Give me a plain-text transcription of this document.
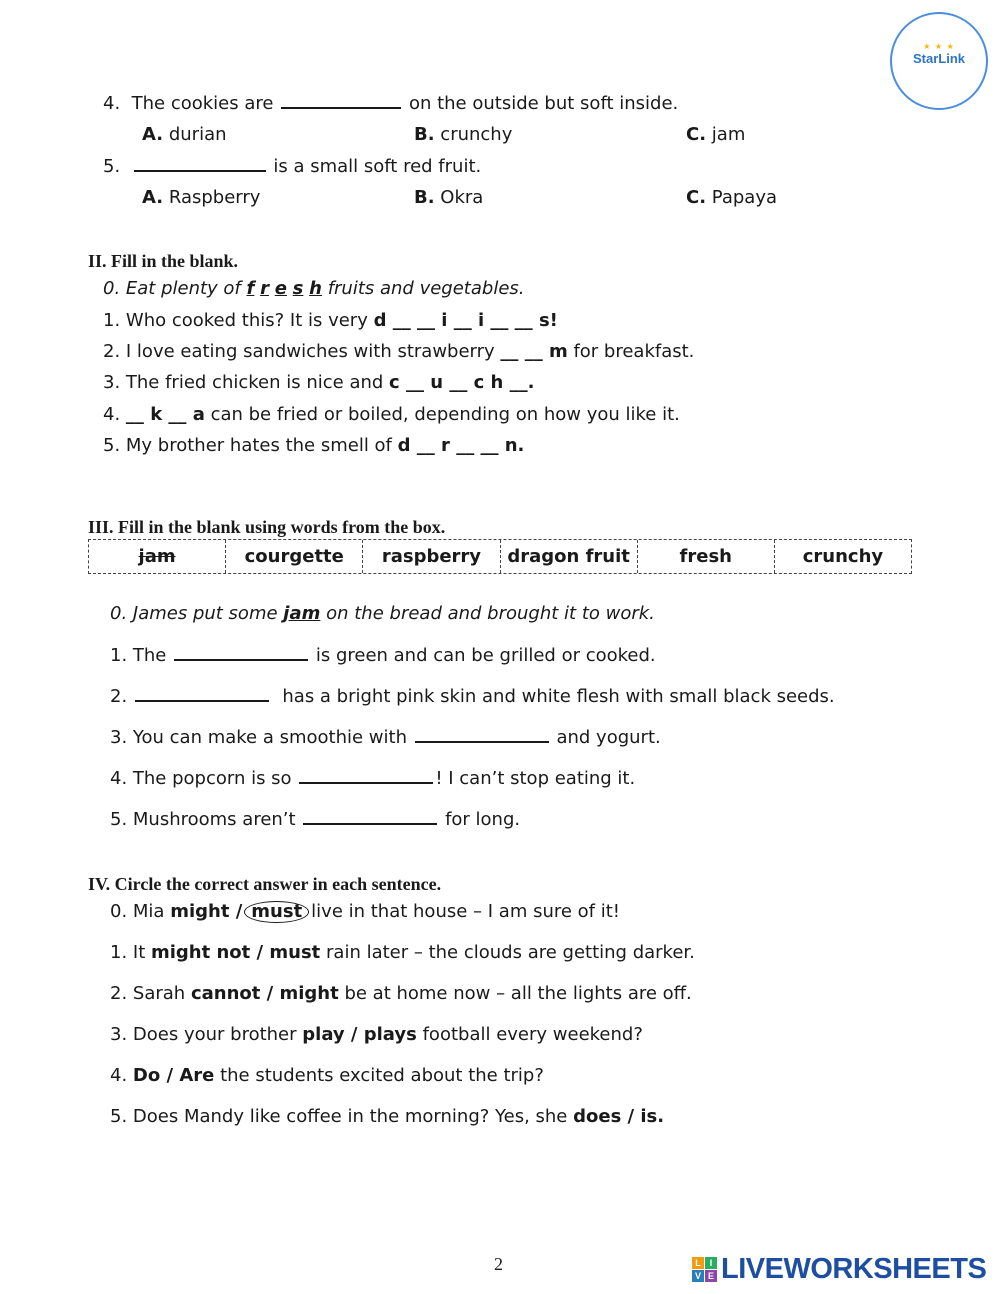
★ ★ ★
StarLink
4. The cookies are	on the outside but soft inside.
A. durian	B. crunchy	C. jam
5.	is a small soft red fruit.
A. Raspberry	B. Okra	C. Papaya
II. Fill in the blank.
0. Eat plenty of f r e s h fruits and vegetables.
1. Who cooked this? It is very d __ __ i __ i __ __ s!
2. I love eating sandwiches with strawberry __ __ m for breakfast.
3. The fried chicken is nice and c __ u __ c h __.
4. __ k __ a can be fried or boiled, depending on how you like it.
5. My brother hates the smell of d __ r __ __ n.
III. Fill in the blank using words from the box.
jam	courgette	raspberry	dragon fruit	fresh	crunchy
0. James put some jam on the bread and brought it to work.
1. The	is green and can be grilled or cooked.
2.	has a bright pink skin and white flesh with small black seeds.
3. You can make a smoothie with	and yogurt.
4. The popcorn is so	! I can’t stop eating it.
5. Mushrooms aren’t	for long.
IV. Circle the correct answer in each sentence.
0. Mia might / must live in that house – I am sure of it!
1. It might not / must rain later – the clouds are getting darker.
2. Sarah cannot / might be at home now – all the lights are off.
3. Does your brother play / plays football every weekend?
4. Do / Are the students excited about the trip?
5. Does Mandy like coffee in the morning? Yes, she does / is.
2	L I
V E LIVEWORKSHEETS
